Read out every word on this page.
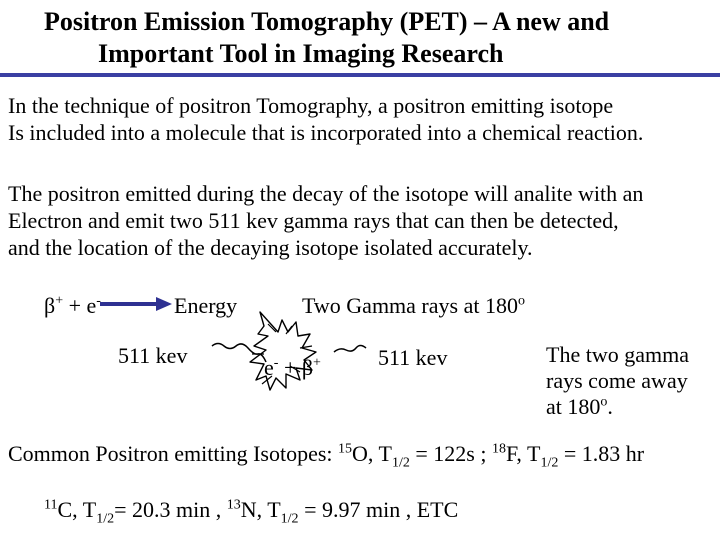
Positron Emission Tomography (PET) – A new and
Important Tool in Imaging Research
In the technique of positron Tomography, a positron emitting isotope
Is included into a molecule that is incorporated into a chemical reaction.
The positron emitted during the decay of the isotope will analite with an
Electron and emit two 511 kev gamma rays that can then be detected,
and the location of the decaying isotope isolated accurately.
β+ + e-	Energy	Two Gamma rays at 180$^o$
511 kev	e- + β+	511 kev	The two gamma
rays come away
at 180$^o$.
Common Positron emitting Isotopes: $^{15}$O, $T_{1/2} = 122s$ ; $^{18}$F, $T_{1/2} = 1.83$ hr
$^{11}$C, $T_{1/2}= 20.3$ min , $^{13}$N, $T_{1/2} = 9.97$ min , ETC
